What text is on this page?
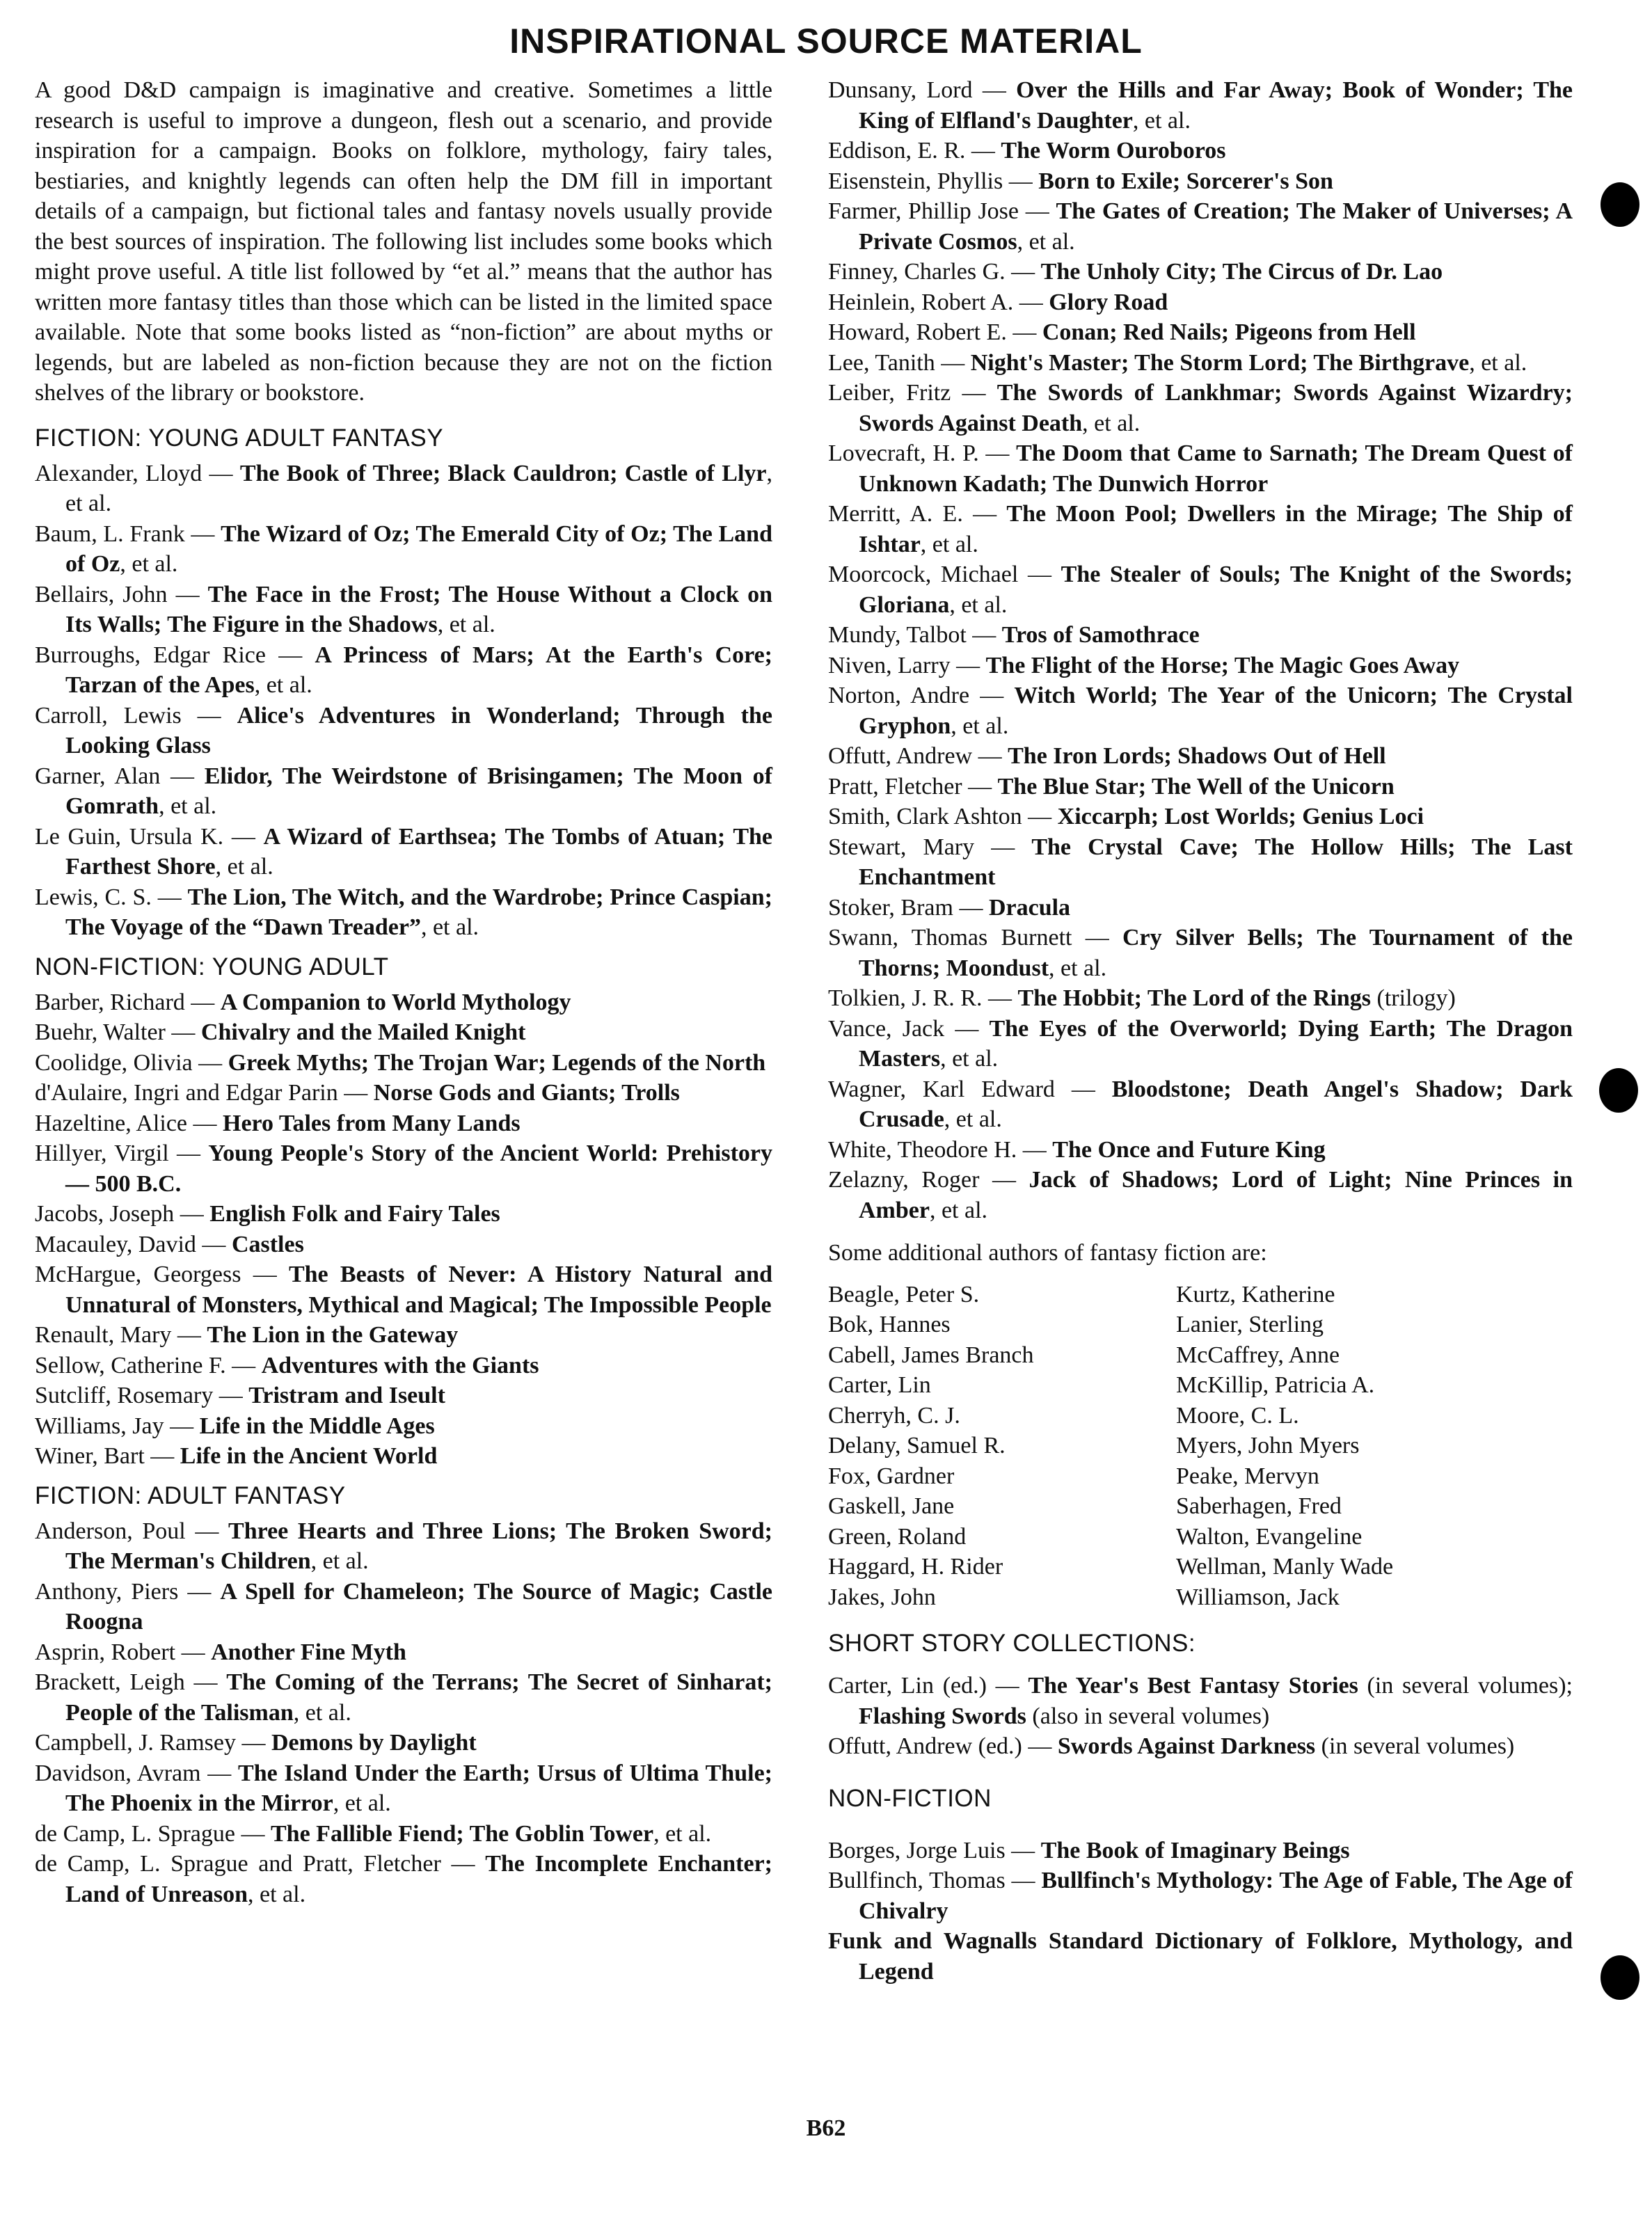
INSPIRATIONAL SOURCE MATERIAL

A good D&D campaign is imaginative and creative. Sometimes a little research is useful to improve a dungeon, flesh out a scenario, and provide inspiration for a campaign. Books on folklore, mythology, fairy tales, bestiaries, and knightly legends can often help the DM fill in important details of a campaign, but fictional tales and fantasy novels usually provide the best sources of inspiration. The following list includes some books which might prove useful. A title list followed by “et al.” means that the author has written more fantasy titles than those which can be listed in the limited space available. Note that some books listed as “non-fiction” are about myths or legends, but are labeled as non-fiction because they are not on the fiction shelves of the library or bookstore.

FICTION: YOUNG ADULT FANTASY
Alexander, Lloyd — The Book of Three; Black Cauldron; Castle of Llyr, et al.
Baum, L. Frank — The Wizard of Oz; The Emerald City of Oz; The Land of Oz, et al.
Bellairs, John — The Face in the Frost; The House Without a Clock on Its Walls; The Figure in the Shadows, et al.
Burroughs, Edgar Rice — A Princess of Mars; At the Earth's Core; Tarzan of the Apes, et al.
Carroll, Lewis — Alice's Adventures in Wonderland; Through the Looking Glass
Garner, Alan — Elidor, The Weirdstone of Brisingamen; The Moon of Gomrath, et al.
Le Guin, Ursula K. — A Wizard of Earthsea; The Tombs of Atuan; The Farthest Shore, et al.
Lewis, C. S. — The Lion, The Witch, and the Wardrobe; Prince Caspian; The Voyage of the “Dawn Treader”, et al.
NON-FICTION: YOUNG ADULT
Barber, Richard — A Companion to World Mythology
Buehr, Walter — Chivalry and the Mailed Knight
Coolidge, Olivia — Greek Myths; The Trojan War; Legends of the North
d'Aulaire, Ingri and Edgar Parin — Norse Gods and Giants; Trolls
Hazeltine, Alice — Hero Tales from Many Lands
Hillyer, Virgil — Young People's Story of the Ancient World: Prehistory — 500 B.C.
Jacobs, Joseph — English Folk and Fairy Tales
Macauley, David — Castles
McHargue, Georgess — The Beasts of Never: A History Natural and Unnatural of Monsters, Mythical and Magical; The Impossible People
Renault, Mary — The Lion in the Gateway
Sellow, Catherine F. — Adventures with the Giants
Sutcliff, Rosemary — Tristram and Iseult
Williams, Jay — Life in the Middle Ages
Winer, Bart — Life in the Ancient World
FICTION: ADULT FANTASY
Anderson, Poul — Three Hearts and Three Lions; The Broken Sword; The Merman's Children, et al.
Anthony, Piers — A Spell for Chameleon; The Source of Magic; Castle Roogna
Asprin, Robert — Another Fine Myth
Brackett, Leigh — The Coming of the Terrans; The Secret of Sinharat; People of the Talisman, et al.
Campbell, J. Ramsey — Demons by Daylight
Davidson, Avram — The Island Under the Earth; Ursus of Ultima Thule; The Phoenix in the Mirror, et al.
de Camp, L. Sprague — The Fallible Fiend; The Goblin Tower, et al.
de Camp, L. Sprague and Pratt, Fletcher — The Incomplete Enchanter; Land of Unreason, et al.
Dunsany, Lord — Over the Hills and Far Away; Book of Wonder; The King of Elfland's Daughter, et al.
Eddison, E. R. — The Worm Ouroboros
Eisenstein, Phyllis — Born to Exile; Sorcerer's Son
Farmer, Phillip Jose — The Gates of Creation; The Maker of Universes; A Private Cosmos, et al.
Finney, Charles G. — The Unholy City; The Circus of Dr. Lao
Heinlein, Robert A. — Glory Road
Howard, Robert E. — Conan; Red Nails; Pigeons from Hell
Lee, Tanith — Night's Master; The Storm Lord; The Birthgrave, et al.
Leiber, Fritz — The Swords of Lankhmar; Swords Against Wizardry; Swords Against Death, et al.
Lovecraft, H. P. — The Doom that Came to Sarnath; The Dream Quest of Unknown Kadath; The Dunwich Horror
Merritt, A. E. — The Moon Pool; Dwellers in the Mirage; The Ship of Ishtar, et al.
Moorcock, Michael — The Stealer of Souls; The Knight of the Swords; Gloriana, et al.
Mundy, Talbot — Tros of Samothrace
Niven, Larry — The Flight of the Horse; The Magic Goes Away
Norton, Andre — Witch World; The Year of the Unicorn; The Crystal Gryphon, et al.
Offutt, Andrew — The Iron Lords; Shadows Out of Hell
Pratt, Fletcher — The Blue Star; The Well of the Unicorn
Smith, Clark Ashton — Xiccarph; Lost Worlds; Genius Loci
Stewart, Mary — The Crystal Cave; The Hollow Hills; The Last Enchantment
Stoker, Bram — Dracula
Swann, Thomas Burnett — Cry Silver Bells; The Tournament of the Thorns; Moondust, et al.
Tolkien, J. R. R. — The Hobbit; The Lord of the Rings (trilogy)
Vance, Jack — The Eyes of the Overworld; Dying Earth; The Dragon Masters, et al.
Wagner, Karl Edward — Bloodstone; Death Angel's Shadow; Dark Crusade, et al.
White, Theodore H. — The Once and Future King
Zelazny, Roger — Jack of Shadows; Lord of Light; Nine Princes in Amber, et al.
Some additional authors of fantasy fiction are:
Beagle, Peter S.
Bok, Hannes
Cabell, James Branch
Carter, Lin
Cherryh, C. J.
Delany, Samuel R.
Fox, Gardner
Gaskell, Jane
Green, Roland
Haggard, H. Rider
Jakes, John
Kurtz, Katherine
Lanier, Sterling
McCaffrey, Anne
McKillip, Patricia A.
Moore, C. L.
Myers, John Myers
Peake, Mervyn
Saberhagen, Fred
Walton, Evangeline
Wellman, Manly Wade
Williamson, Jack
SHORT STORY COLLECTIONS:
Carter, Lin (ed.) — The Year's Best Fantasy Stories (in several volumes); Flashing Swords (also in several volumes)
Offutt, Andrew (ed.) — Swords Against Darkness (in several volumes)
NON-FICTION
Borges, Jorge Luis — The Book of Imaginary Beings
Bullfinch, Thomas — Bullfinch's Mythology: The Age of Fable, The Age of Chivalry
Funk and Wagnalls Standard Dictionary of Folklore, Mythology, and Legend
B62
